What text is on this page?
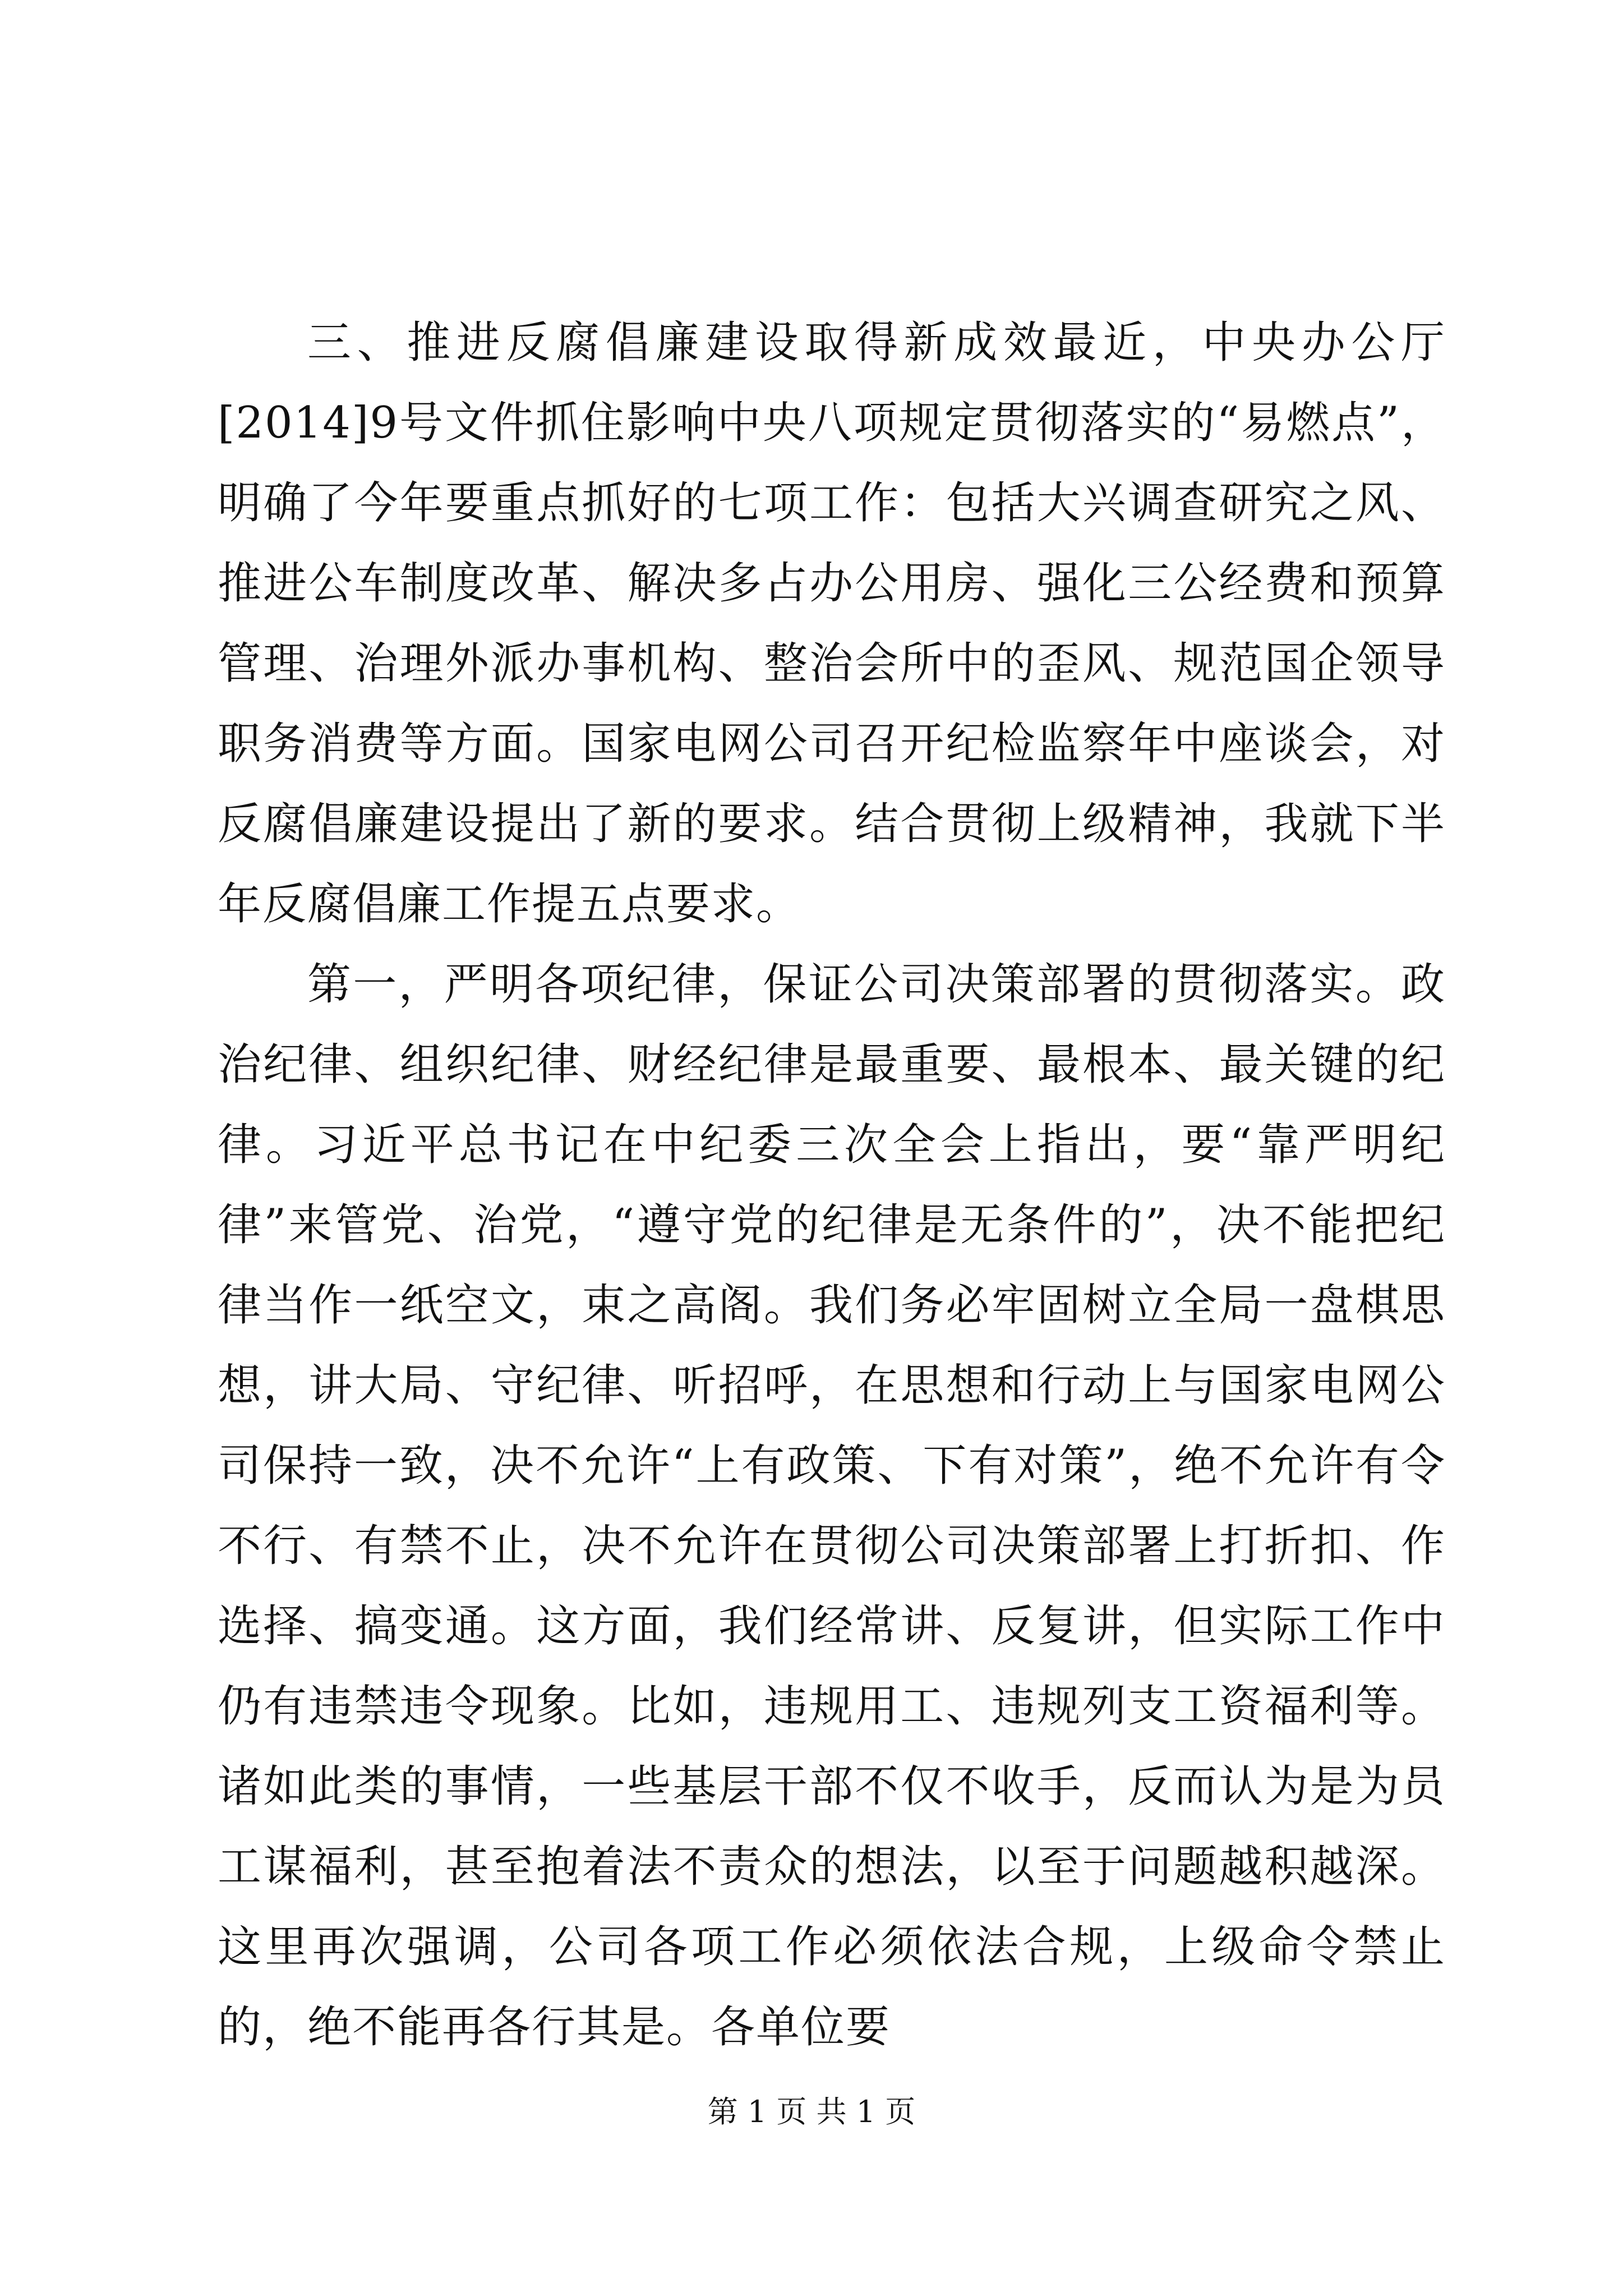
三、推进反腐倡廉建设取得新成效最近，中央办公厅[2014]9号文件抓住影响中央八项规定贯彻落实的“易燃点”，明确了今年要重点抓好的七项工作：包括大兴调查研究之风、推进公车制度改革、解决多占办公用房、强化三公经费和预算管理、治理外派办事机构、整治会所中的歪风、规范国企领导职务消费等方面。国家电网公司召开纪检监察年中座谈会，对反腐倡廉建设提出了新的要求。结合贯彻上级精神，我就下半年反腐倡廉工作提五点要求。

第一，严明各项纪律，保证公司决策部署的贯彻落实。政治纪律、组织纪律、财经纪律是最重要、最根本、最关键的纪律。习近平总书记在中纪委三次全会上指出，要“靠严明纪律”来管党、治党，“遵守党的纪律是无条件的”，决不能把纪律当作一纸空文，束之高阁。我们务必牢固树立全局一盘棋思想，讲大局、守纪律、听招呼，在思想和行动上与国家电网公司保持一致，决不允许“上有政策、下有对策”，绝不允许有令不行、有禁不止，决不允许在贯彻公司决策部署上打折扣、作选择、搞变通。这方面，我们经常讲、反复讲，但实际工作中仍有违禁违令现象。比如，违规用工、违规列支工资福利等。诸如此类的事情，一些基层干部不仅不收手，反而认为是为员工谋福利，甚至抱着法不责众的想法，以至于问题越积越深。这里再次强调，公司各项工作必须依法合规，上级命令禁止的，绝不能再各行其是。各单位要

第 1 页 共 1 页
